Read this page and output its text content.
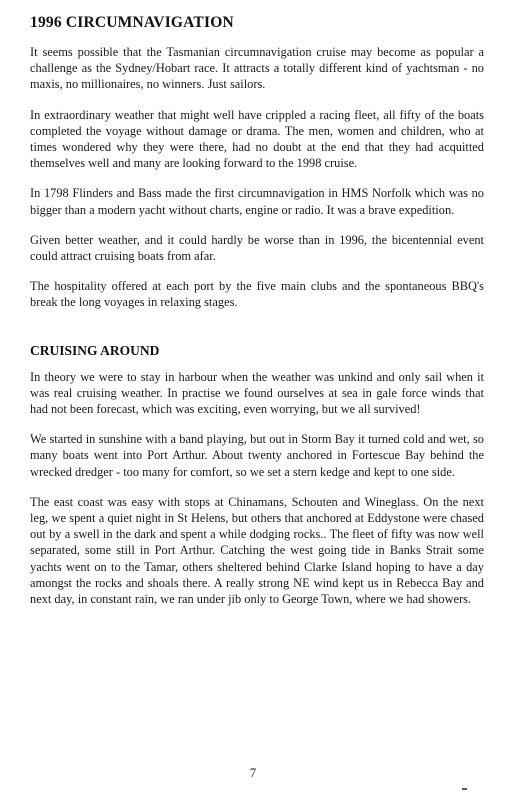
1996 CIRCUMNAVIGATION

It seems possible that the Tasmanian circumnavigation cruise may become as popular a challenge as the Sydney/Hobart race. It attracts a totally different kind of yachtsman - no maxis, no millionaires, no winners. Just sailors.

In extraordinary weather that might well have crippled a racing fleet, all fifty of the boats completed the voyage without damage or drama. The men, women and children, who at times wondered why they were there, had no doubt at the end that they had acquitted themselves well and many are looking forward to the 1998 cruise.

In 1798 Flinders and Bass made the first circumnavigation in HMS Norfolk which was no bigger than a modern yacht without charts, engine or radio. It was a brave expedition.

Given better weather, and it could hardly be worse than in 1996, the bicentennial event could attract cruising boats from afar.

The hospitality offered at each port by the five main clubs and the spontaneous BBQ's break the long voyages in relaxing stages.

CRUISING AROUND

In theory we were to stay in harbour when the weather was unkind and only sail when it was real cruising weather. In practise we found ourselves at sea in gale force winds that had not been forecast, which was exciting, even worrying, but we all survived!

We started in sunshine with a band playing, but out in Storm Bay it turned cold and wet, so many boats went into Port Arthur. About twenty anchored in Fortescue Bay behind the wrecked dredger - too many for comfort, so we set a stern kedge and kept to one side.

The east coast was easy with stops at Chinamans, Schouten and Wineglass. On the next leg, we spent a quiet night in St Helens, but others that anchored at Eddystone were chased out by a swell in the dark and spent a while dodging rocks.. The fleet of fifty was now well separated, some still in Port Arthur. Catching the west going tide in Banks Strait some yachts went on to the Tamar, others sheltered behind Clarke Island hoping to have a day amongst the rocks and shoals there. A really strong NE wind kept us in Rebecca Bay and next day, in constant rain, we ran under jib only to George Town, where we had showers.

7
